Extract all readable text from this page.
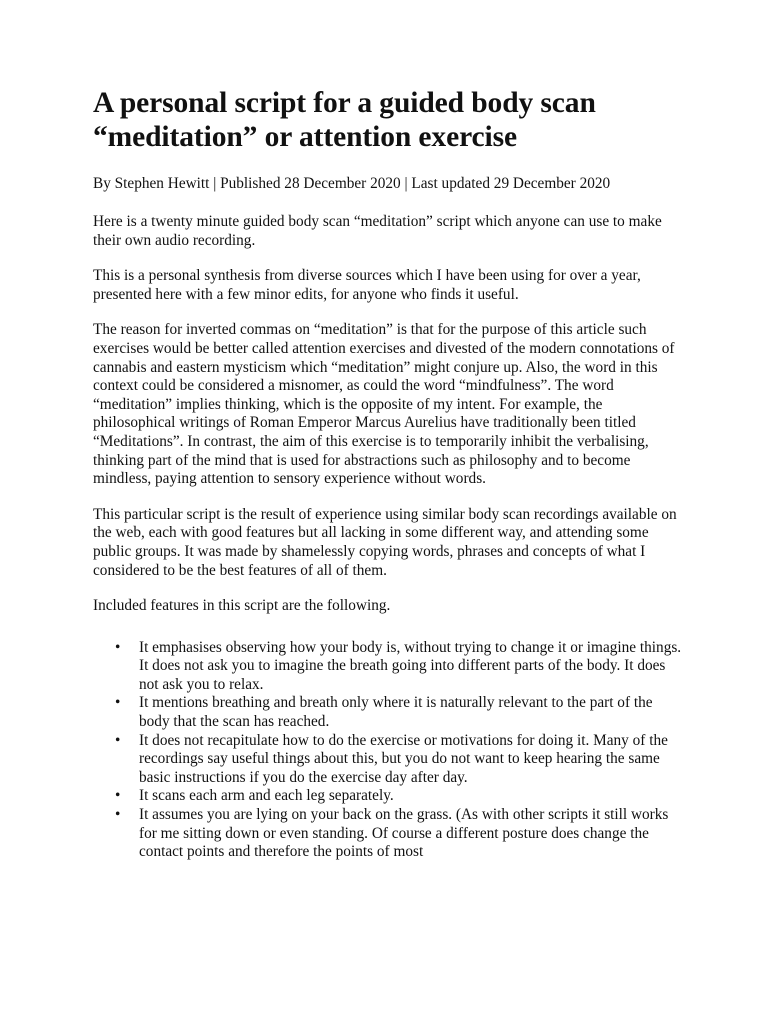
A personal script for a guided body scan “meditation” or attention exercise

By Stephen Hewitt | Published 28 December 2020 | Last updated 29 December 2020

Here is a twenty minute guided body scan “meditation” script which anyone can use to make their own audio recording.

This is a personal synthesis from diverse sources which I have been using for over a year, presented here with a few minor edits, for anyone who finds it useful.

The reason for inverted commas on “meditation” is that for the purpose of this article such exercises would be better called attention exercises and divested of the modern connotations of cannabis and eastern mysticism which “meditation” might conjure up. Also, the word in this context could be considered a misnomer, as could the word “mindfulness”. The word “meditation” implies thinking, which is the opposite of my intent. For example, the philosophical writings of Roman Emperor Marcus Aurelius have traditionally been titled “Meditations”. In contrast, the aim of this exercise is to temporarily inhibit the verbalising, thinking part of the mind that is used for abstractions such as philosophy and to become mindless, paying attention to sensory experience without words.

This particular script is the result of experience using similar body scan recordings available on the web, each with good features but all lacking in some different way, and attending some public groups. It was made by shamelessly copying words, phrases and concepts of what I considered to be the best features of all of them.

Included features in this script are the following.

• It emphasises observing how your body is, without trying to change it or imagine things. It does not ask you to imagine the breath going into different parts of the body. It does not ask you to relax.
• It mentions breathing and breath only where it is naturally relevant to the part of the body that the scan has reached.
• It does not recapitulate how to do the exercise or motivations for doing it. Many of the recordings say useful things about this, but you do not want to keep hearing the same basic instructions if you do the exercise day after day.
• It scans each arm and each leg separately.
• It assumes you are lying on your back on the grass. (As with other scripts it still works for me sitting down or even standing. Of course a different posture does change the contact points and therefore the points of most
